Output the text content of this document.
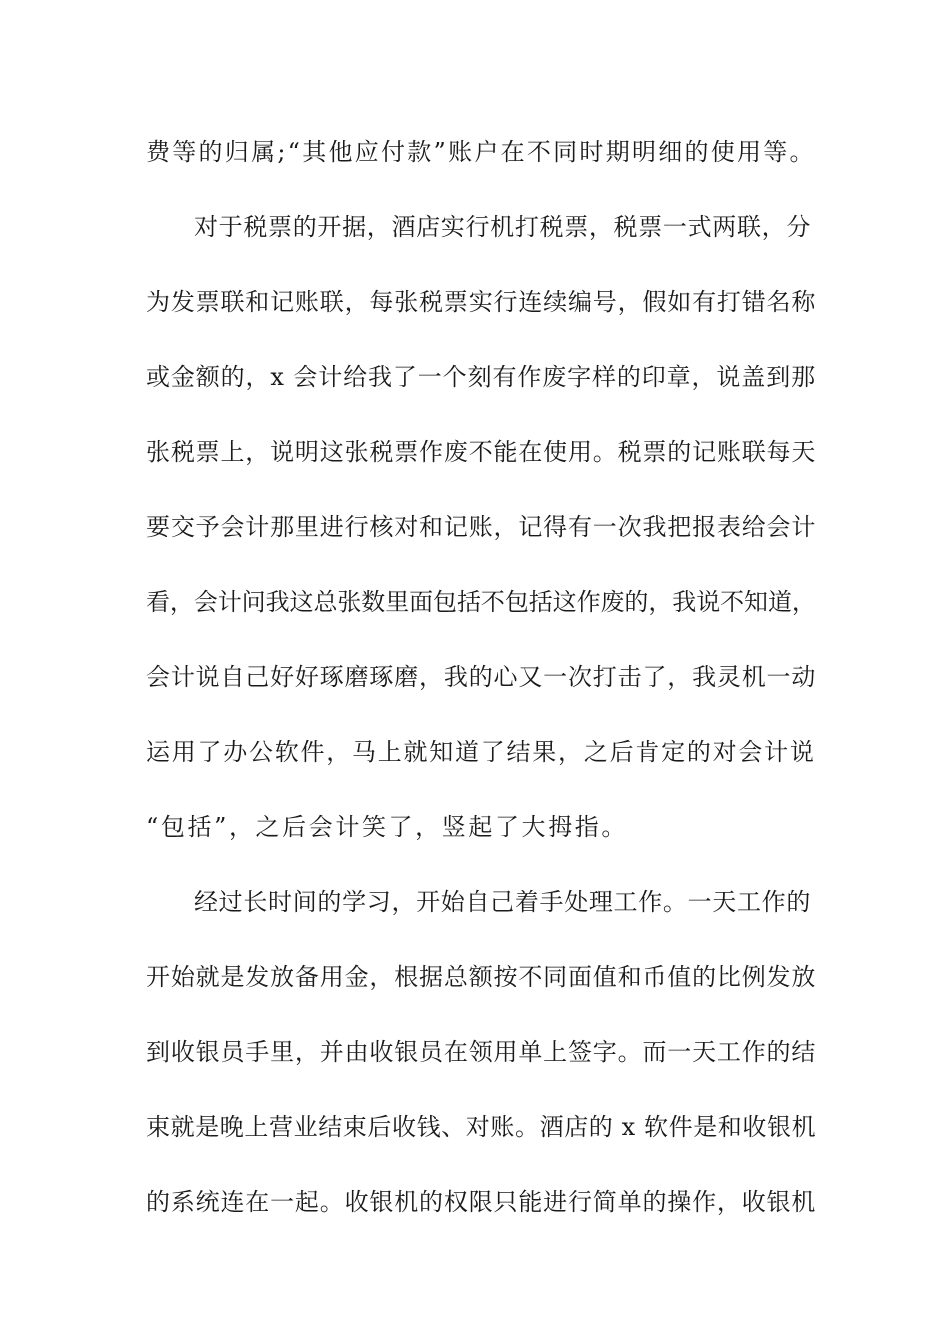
费等的归属;“其他应付款”账户在不同时期明细的使用等。
对于税票的开据，酒店实行机打税票，税票一式两联，分
为发票联和记账联，每张税票实行连续编号，假如有打错名称
或金额的，x 会计给我了一个刻有作废字样的印章，说盖到那
张税票上，说明这张税票作废不能在使用。税票的记账联每天
要交予会计那里进行核对和记账，记得有一次我把报表给会计
看，会计问我这总张数里面包括不包括这作废的，我说不知道，
会计说自己好好琢磨琢磨，我的心又一次打击了，我灵机一动
运用了办公软件，马上就知道了结果，之后肯定的对会计说
“包括”，之后会计笑了，竖起了大拇指。
经过长时间的学习，开始自己着手处理工作。一天工作的
开始就是发放备用金，根据总额按不同面值和币值的比例发放
到收银员手里，并由收银员在领用单上签字。而一天工作的结
束就是晚上营业结束后收钱、对账。酒店的 x 软件是和收银机
的系统连在一起。收银机的权限只能进行简单的操作，收银机
